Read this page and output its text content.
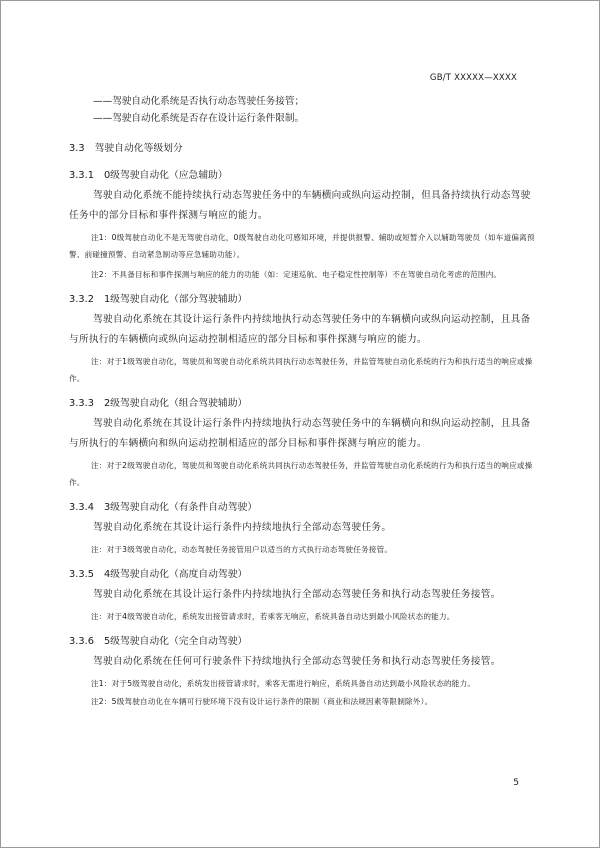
GB/T XXXXX—XXXX

——驾驶自动化系统是否执行动态驾驶任务接管；

——驾驶自动化系统是否存在设计运行条件限制。

3.3 驾驶自动化等级划分
3.3.1 0级驾驶自动化（应急辅助）

驾驶自动化系统不能持续执行动态驾驶任务中的车辆横向或纵向运动控制，但具备持续执行动态驾驶任务中的部分目标和事件探测与响应的能力。

注1：0级驾驶自动化不是无驾驶自动化，0级驾驶自动化可感知环境，并提供报警、辅助或短暂介入以辅助驾驶员（如车道偏离预警、前碰撞预警、自动紧急制动等应急辅助功能）。

注2：不具备目标和事件探测与响应的能力的功能（如：定速巡航、电子稳定性控制等）不在驾驶自动化考虑的范围内。

3.3.2 1级驾驶自动化（部分驾驶辅助）

驾驶自动化系统在其设计运行条件内持续地执行动态驾驶任务中的车辆横向或纵向运动控制，且具备与所执行的车辆横向或纵向运动控制相适应的部分目标和事件探测与响应的能力。

注：对于1级驾驶自动化，驾驶员和驾驶自动化系统共同执行动态驾驶任务，并监管驾驶自动化系统的行为和执行适当的响应或操作。

3.3.3 2级驾驶自动化（组合驾驶辅助）

驾驶自动化系统在其设计运行条件内持续地执行动态驾驶任务中的车辆横向和纵向运动控制，且具备与所执行的车辆横向和纵向运动控制相适应的部分目标和事件探测与响应的能力。

注：对于2级驾驶自动化，驾驶员和驾驶自动化系统共同执行动态驾驶任务，并监管驾驶自动化系统的行为和执行适当的响应或操作。

3.3.4 3级驾驶自动化（有条件自动驾驶）

驾驶自动化系统在其设计运行条件内持续地执行全部动态驾驶任务。

注：对于3级驾驶自动化，动态驾驶任务接管用户以适当的方式执行动态驾驶任务接管。

3.3.5 4级驾驶自动化（高度自动驾驶）

驾驶自动化系统在其设计运行条件内持续地执行全部动态驾驶任务和执行动态驾驶任务接管。

注：对于4级驾驶自动化，系统发出接管请求时，若乘客无响应，系统具备自动达到最小风险状态的能力。

3.3.6 5级驾驶自动化（完全自动驾驶）

驾驶自动化系统在任何可行驶条件下持续地执行全部动态驾驶任务和执行动态驾驶任务接管。

注1：对于5级驾驶自动化，系统发出接管请求时，乘客无需进行响应，系统具备自动达到最小风险状态的能力。

注2：5级驾驶自动化在车辆可行驶环境下没有设计运行条件的限制（商业和法规因素等限制除外）。

5
